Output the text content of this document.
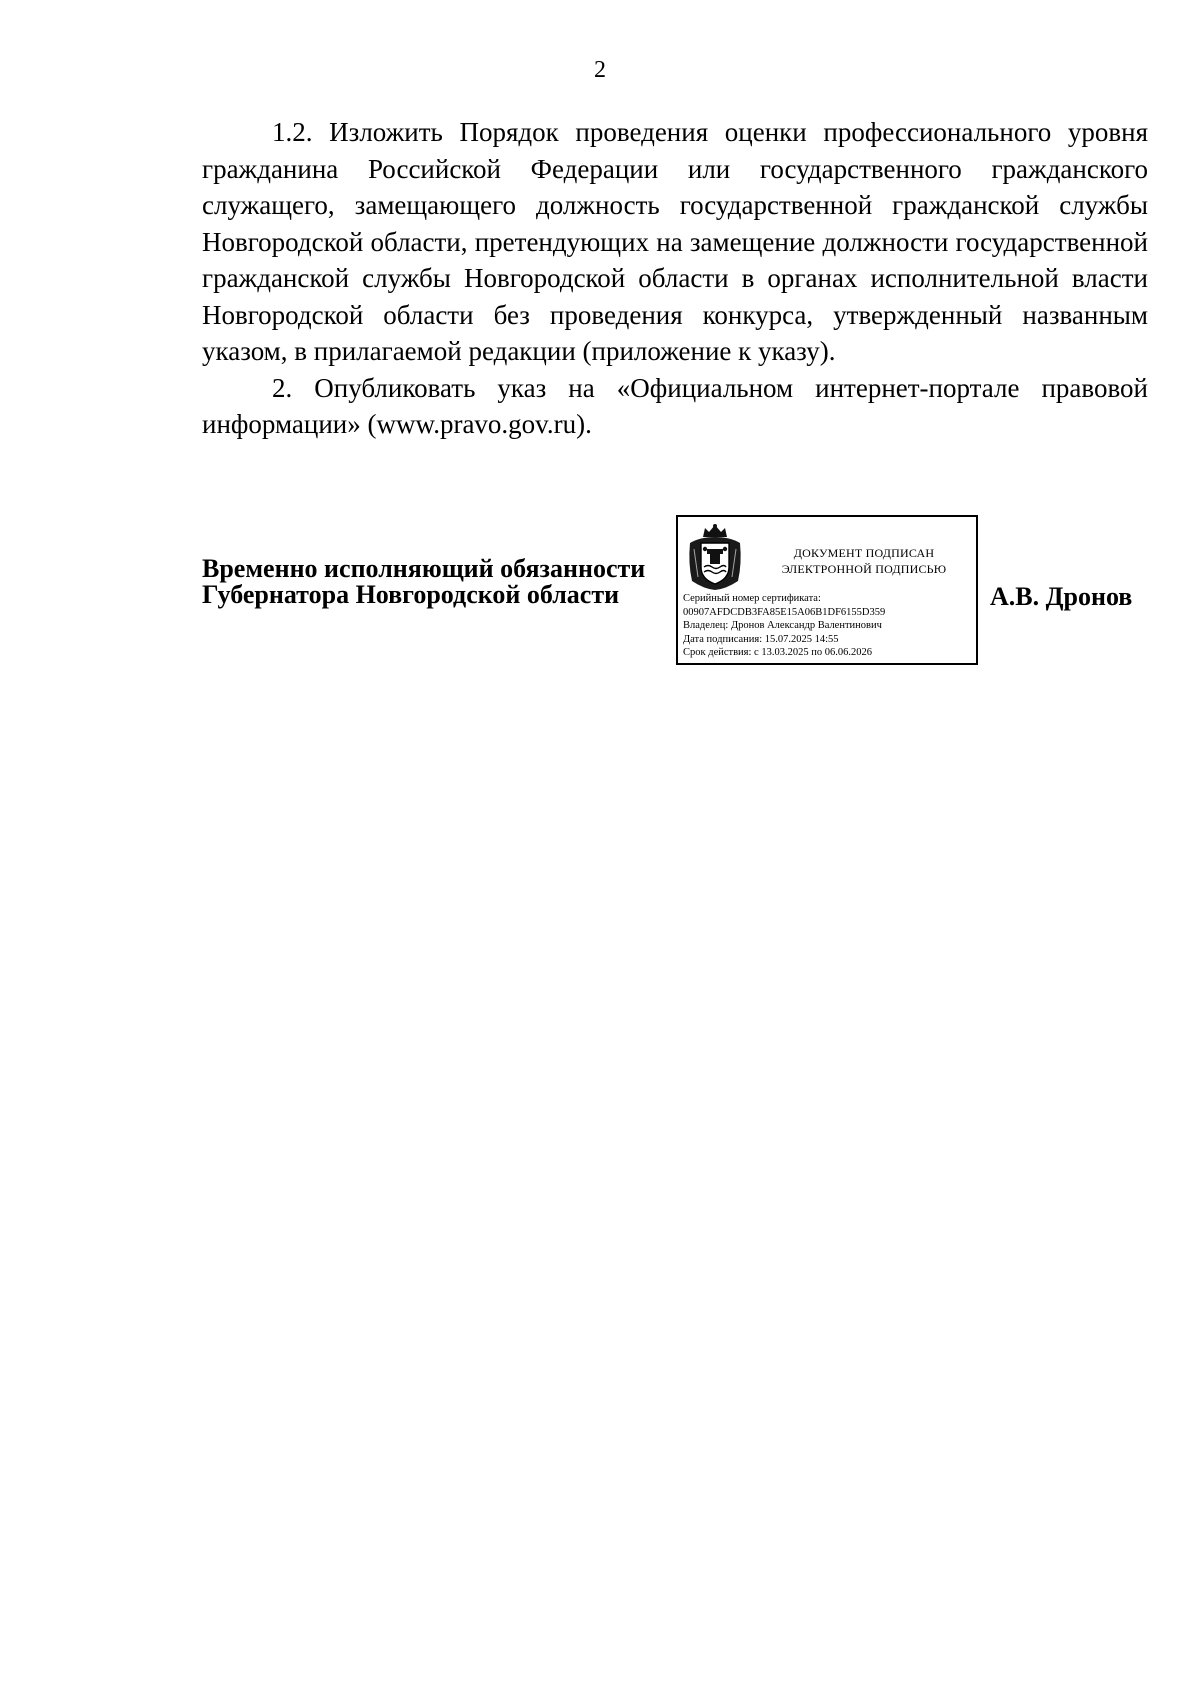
2

1.2. Изложить Порядок проведения оценки профессионального уровня гражданина Российской Федерации или государственного гражданского служащего, замещающего должность государственной гражданской службы Новгородской области, претендующих на замещение должности государственной гражданской службы Новгородской области в органах исполнительной власти Новгородской области без проведения конкурса, утвержденный названным указом, в прилагаемой редакции (приложение к указу).

2. Опубликовать указ на «Официальном интернет-портале правовой информации» (www.pravo.gov.ru).

Временно исполняющий обязанности
Губернатора Новгородской области
ДОКУМЕНТ ПОДПИСАН
ЭЛЕКТРОННОЙ ПОДПИСЬЮ
Серийный номер сертификата:
00907AFDCDB3FA85E15A06B1DF6155D359
Владелец: Дронов Александр Валентинович
Дата подписания: 15.07.2025 14:55
Срок действия: с 13.03.2025 по 06.06.2026
А.В. Дронов
